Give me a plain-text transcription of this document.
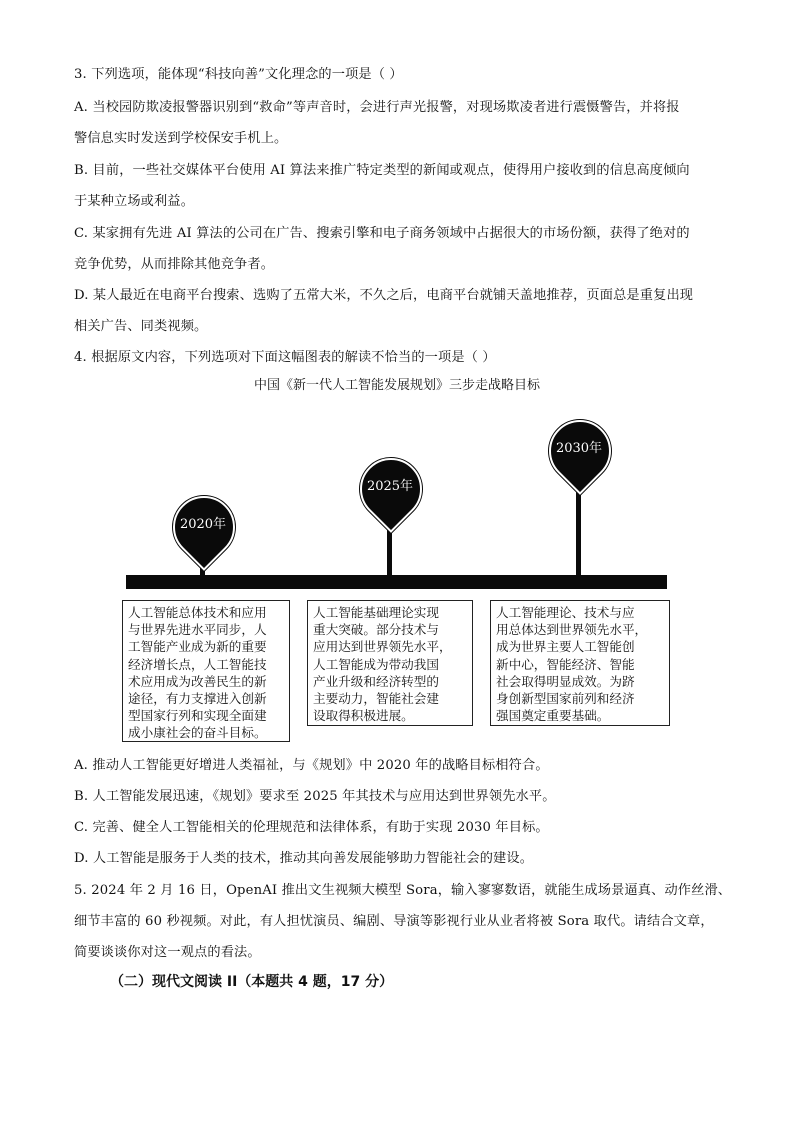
3. 下列选项，能体现“科技向善”文化理念的一项是（ ）
A. 当校园防欺凌报警器识别到“救命”等声音时，会进行声光报警，对现场欺凌者进行震慑警告，并将报
警信息实时发送到学校保安手机上。
B. 目前，一些社交媒体平台使用 AI 算法来推广特定类型的新闻或观点，使得用户接收到的信息高度倾向
于某种立场或利益。
C. 某家拥有先进 AI 算法的公司在广告、搜索引擎和电子商务领域中占据很大的市场份额，获得了绝对的
竞争优势，从而排除其他竞争者。
D. 某人最近在电商平台搜索、选购了五常大米，不久之后，电商平台就铺天盖地推荐，页面总是重复出现
相关广告、同类视频。
4. 根据原文内容，下列选项对下面这幅图表的解读不恰当的一项是（ ）
中国《新一代人工智能发展规划》三步走战略目标
2020年
2025年
2030年
人工智能总体技术和应用
与世界先进水平同步，人
工智能产业成为新的重要
经济增长点，人工智能技
术应用成为改善民生的新
途径，有力支撑进入创新
型国家行列和实现全面建
成小康社会的奋斗目标。
人工智能基础理论实现
重大突破。部分技术与
应用达到世界领先水平，
人工智能成为带动我国
产业升级和经济转型的
主要动力，智能社会建
设取得积极进展。
人工智能理论、技术与应
用总体达到世界领先水平，
成为世界主要人工智能创
新中心，智能经济、智能
社会取得明显成效。为跻
身创新型国家前列和经济
强国奠定重要基础。
A. 推动人工智能更好增进人类福祉，与《规划》中 2020 年的战略目标相符合。
B. 人工智能发展迅速，《规划》要求至 2025 年其技术与应用达到世界领先水平。
C. 完善、健全人工智能相关的伦理规范和法律体系，有助于实现 2030 年目标。
D. 人工智能是服务于人类的技术，推动其向善发展能够助力智能社会的建设。
5. 2024 年 2 月 16 日，OpenAI 推出文生视频大模型 Sora，输入寥寥数语，就能生成场景逼真、动作丝滑、
细节丰富的 60 秒视频。对此，有人担忧演员、编剧、导演等影视行业从业者将被 Sora 取代。请结合文章，
简要谈谈你对这一观点的看法。
（二）现代文阅读 II（本题共 4 题，17 分）
